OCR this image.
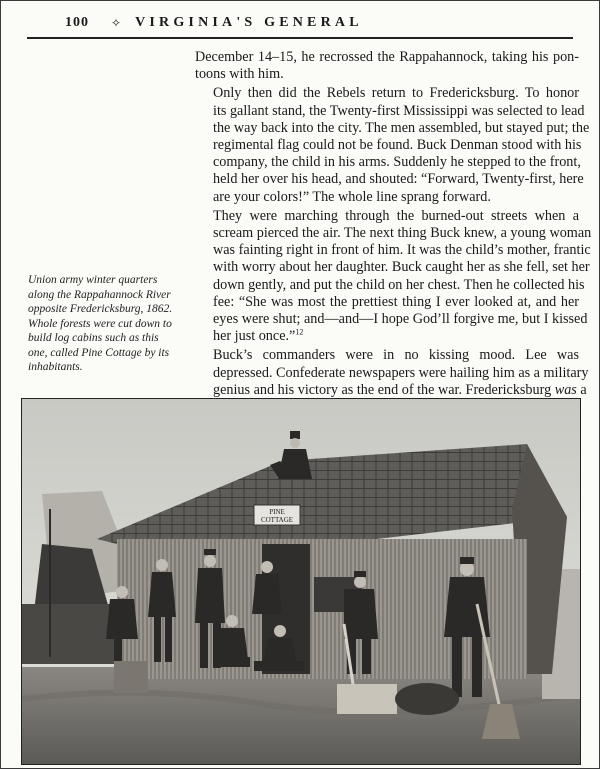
100 ✧ VIRGINIA'S GENERAL
Union army winter quarters
along the Rappahannock River
opposite Fredericksburg, 1862.
Whole forests were cut down to
build log cabins such as this
one, called Pine Cottage by its
inhabitants.

December 14–15, he recrossed the Rappahannock, taking his pon-
toons with him.

Only then did the Rebels return to Fredericksburg. To honor
its gallant stand, the Twenty-first Mississippi was selected to lead
the way back into the city. The men assembled, but stayed put; the
regimental flag could not be found. Buck Denman stood with his
company, the child in his arms. Suddenly he stepped to the front,
held her over his head, and shouted: “Forward, Twenty-first, here
are your colors!” The whole line sprang forward.

They were marching through the burned-out streets when a
scream pierced the air. The next thing Buck knew, a young woman
was fainting right in front of him. It was the child’s mother, frantic
with worry about her daughter. Buck caught her as she fell, set her
down gently, and put the child on her chest. Then he collected his
fee: “She was most the prettiest thing I ever looked at, and her
eyes were shut; and—and—I hope God’ll forgive me, but I kissed
her just once.”$^{12}$

Buck’s commanders were in no kissing mood. Lee was
depressed. Confederate newspapers were hailing him as a military
genius and his victory as the end of the war. Fredericksburg was a

PINE
COTTAGE
